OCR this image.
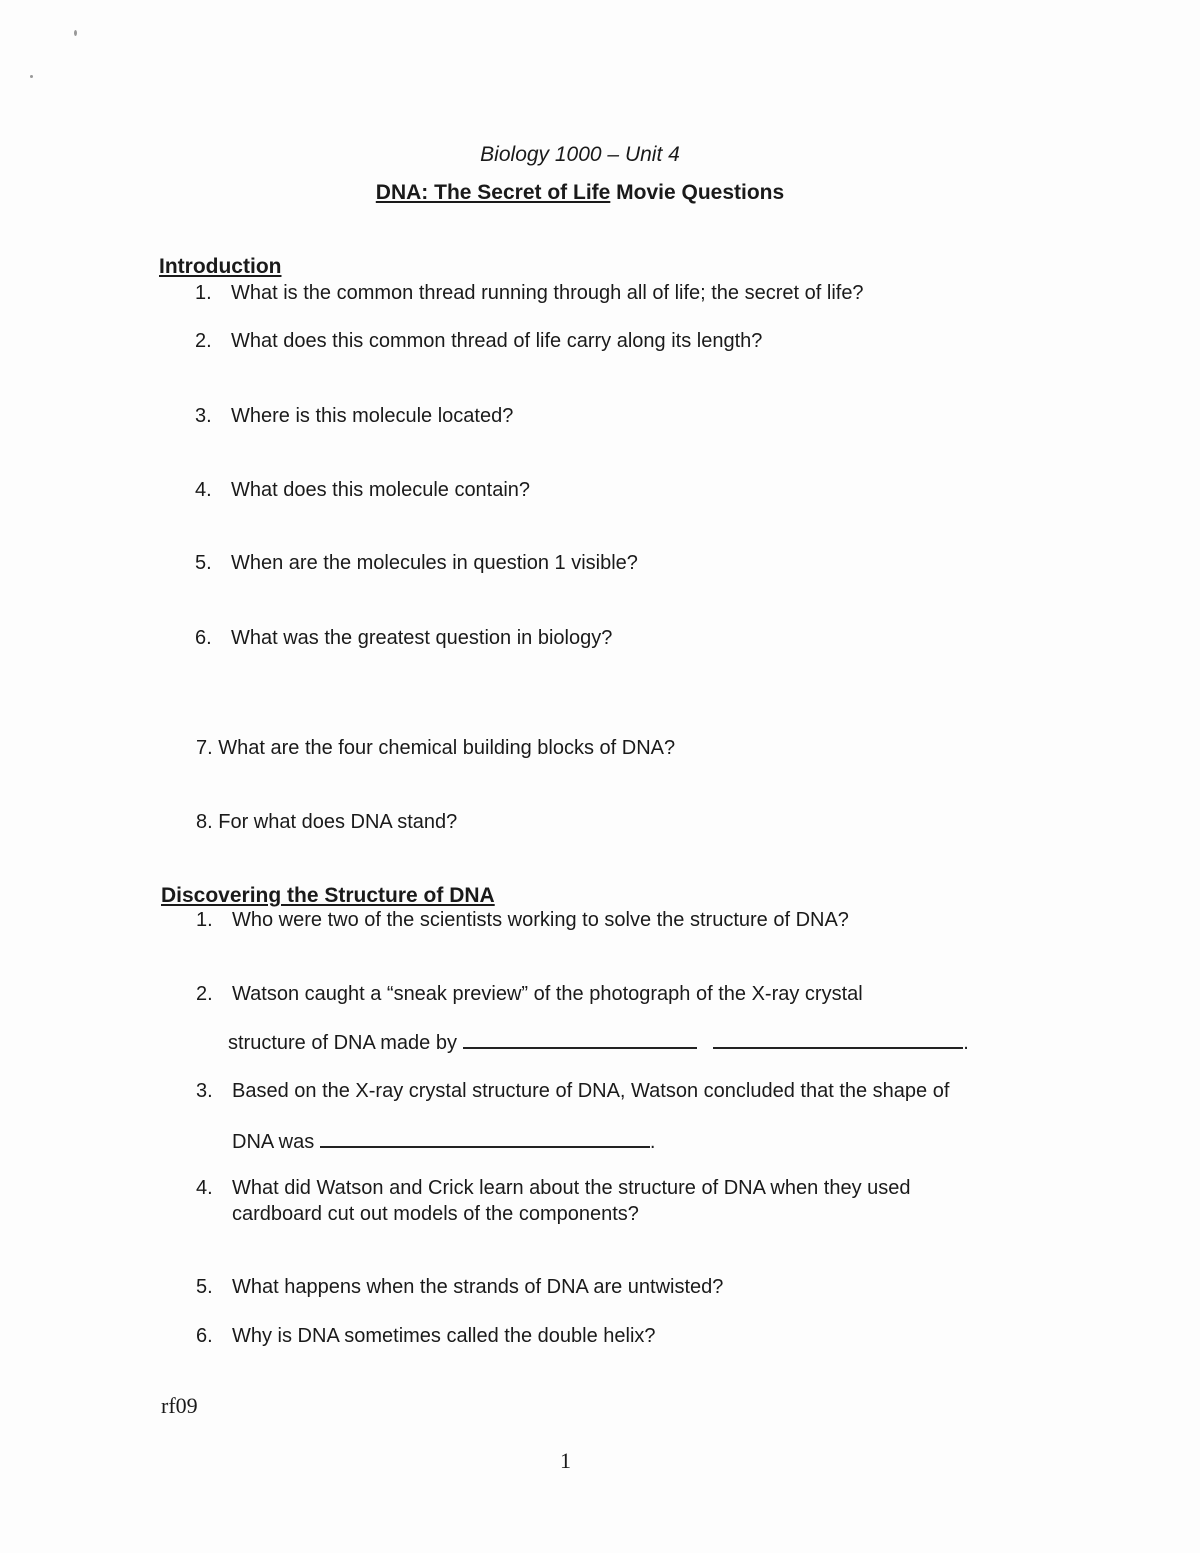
Biology 1000 – Unit 4
DNA: The Secret of Life Movie Questions
Introduction
1. What is the common thread running through all of life; the secret of life?
2. What does this common thread of life carry along its length?
3. Where is this molecule located?
4. What does this molecule contain?
5. When are the molecules in question 1 visible?
6. What was the greatest question in biology?
7. What are the four chemical building blocks of DNA?
8. For what does DNA stand?
Discovering the Structure of DNA
1. Who were two of the scientists working to solve the structure of DNA?
2. Watson caught a “sneak preview” of the photograph of the X-ray crystal
structure of DNA made by	.
3. Based on the X-ray crystal structure of DNA, Watson concluded that the shape of
DNA was	.
4. What did Watson and Crick learn about the structure of DNA when they used
cardboard cut out models of the components?
5. What happens when the strands of DNA are untwisted?
6. Why is DNA sometimes called the double helix?
rf09
1
